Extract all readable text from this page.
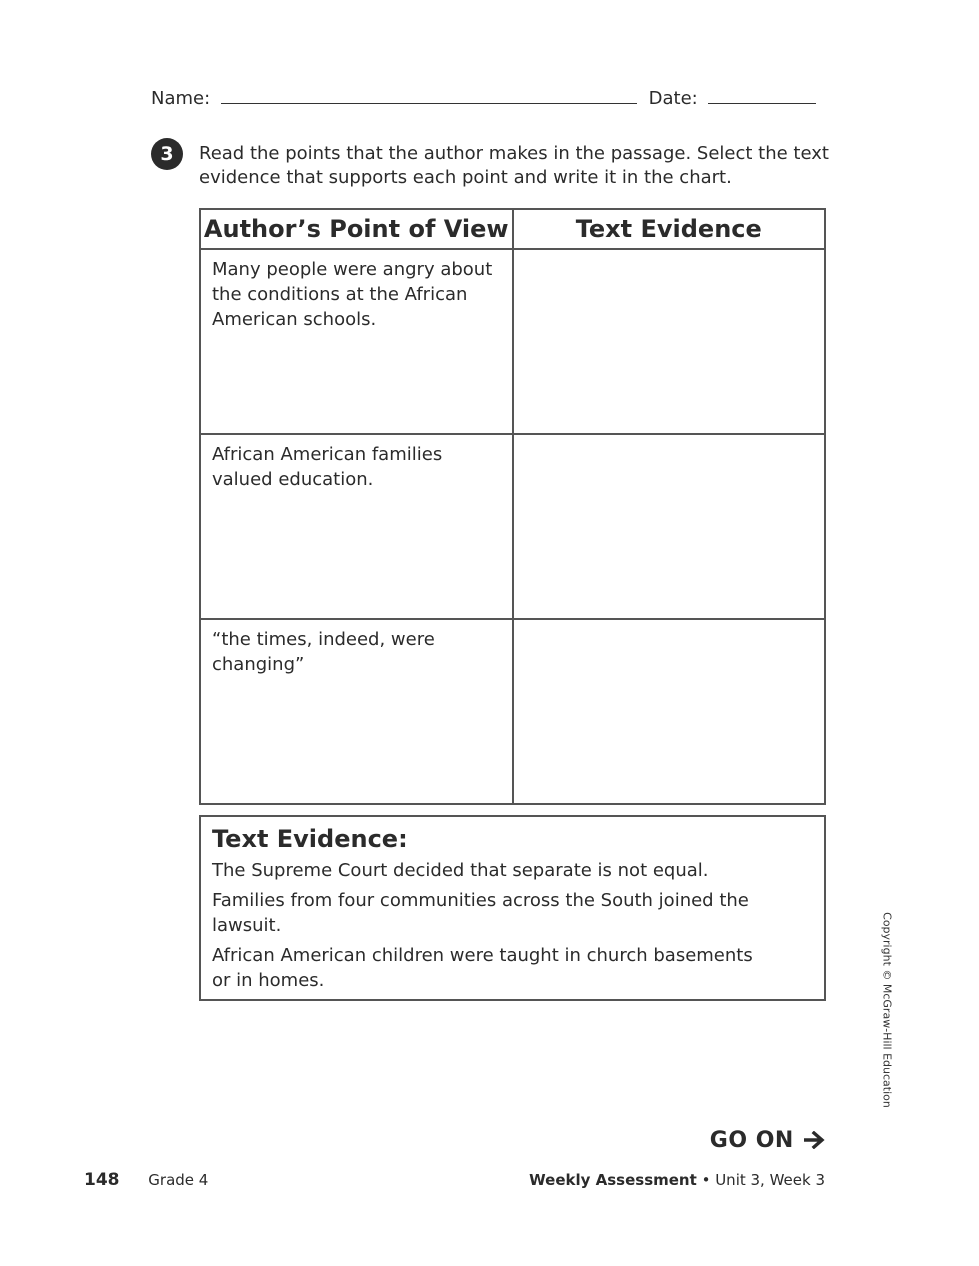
Name:	Date:
3	Read the points that the author makes in the passage. Select the text evidence that supports each point and write it in the chart.
Author’s Point of View	Text Evidence
Many people were angry about the conditions at the African American schools.	
African American families valued education.	
“the times, indeed, were changing”	
Text Evidence:

The Supreme Court decided that separate is not equal.

Families from four communities across the South joined the lawsuit.

African American children were taught in church basements or in homes.	Copyright © McGraw-Hill Education
GO ON
148 Grade 4	Weekly Assessment • Unit 3, Week 3
